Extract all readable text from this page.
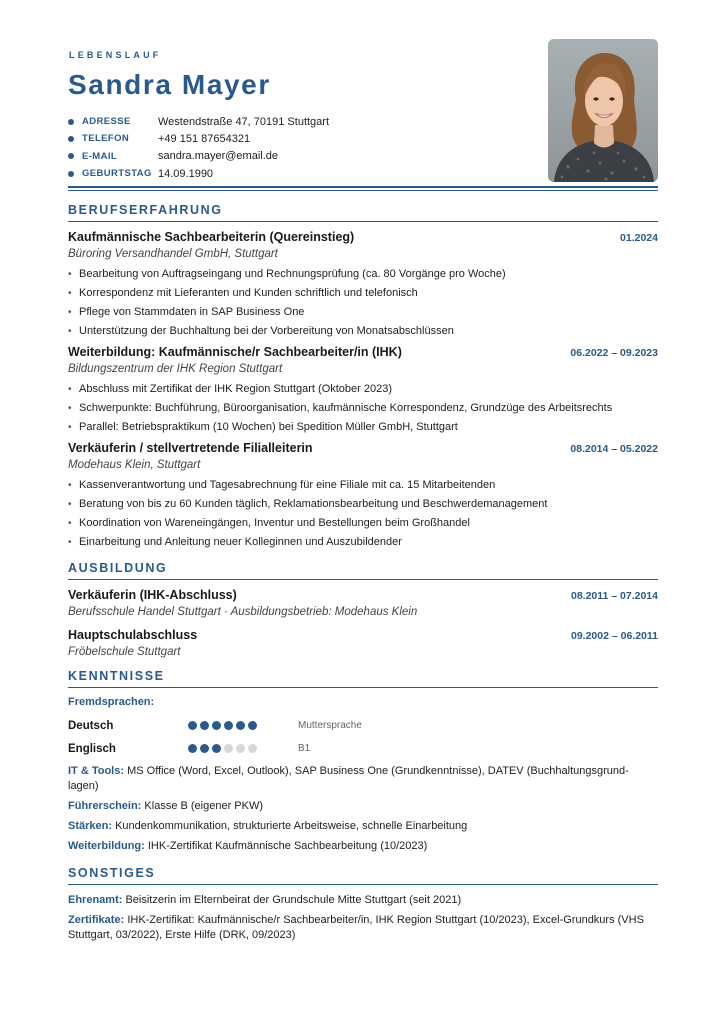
LEBENSLAUF
Sandra Mayer
ADRESSE	Westendstraße 47, 70191 Stuttgart
TELEFON	+49 151 87654321
E-MAIL	sandra.mayer@email.de
GEBURTSTAG 14.09.1990
BERUFSERFAHRUNG
Kaufmännische Sachbearbeiterin (Quereinstieg)	01.2024
Büroring Versandhandel GmbH, Stuttgart
• Bearbeitung von Auftragseingang und Rechnungsprüfung (ca. 80 Vorgänge pro Woche)
• Korrespondenz mit Lieferanten und Kunden schriftlich und telefonisch
• Pflege von Stammdaten in SAP Business One
• Unterstützung der Buchhaltung bei der Vorbereitung von Monatsabschlüssen
Weiterbildung: Kaufmännische/r Sachbearbeiter/in (IHK)	06.2022 – 09.2023
Bildungszentrum der IHK Region Stuttgart
• Abschluss mit Zertifikat der IHK Region Stuttgart (Oktober 2023)
• Schwerpunkte: Buchführung, Büroorganisation, kaufmännische Korrespondenz, Grundzüge des Arbeitsrechts
• Parallel: Betriebspraktikum (10 Wochen) bei Spedition Müller GmbH, Stuttgart
Verkäuferin / stellvertretende Filialleiterin	08.2014 – 05.2022
Modehaus Klein, Stuttgart
• Kassenverantwortung und Tagesabrechnung für eine Filiale mit ca. 15 Mitarbeitenden
• Beratung von bis zu 60 Kunden täglich, Reklamationsbearbeitung und Beschwerdemanagement
• Koordination von Wareneingängen, Inventur und Bestellungen beim Großhandel
• Einarbeitung und Anleitung neuer Kolleginnen und Auszubildender
AUSBILDUNG
Verkäuferin (IHK-Abschluss)	08.2011 – 07.2014
Berufsschule Handel Stuttgart · Ausbildungsbetrieb: Modehaus Klein
Hauptschulabschluss	09.2002 – 06.2011
Fröbelschule Stuttgart
KENNTNISSE
Fremdsprachen:
Deutsch	Muttersprache
Englisch	B1
IT & Tools: MS Office (Word, Excel, Outlook), SAP Business One (Grundkenntnisse), DATEV (Buchhaltungsgrund-lagen)
Führerschein: Klasse B (eigener PKW)
Stärken: Kundenkommunikation, strukturierte Arbeitsweise, schnelle Einarbeitung
Weiterbildung: IHK-Zertifikat Kaufmännische Sachbearbeitung (10/2023)
SONSTIGES
Ehrenamt: Beisitzerin im Elternbeirat der Grundschule Mitte Stuttgart (seit 2021)
Zertifikate: IHK-Zertifikat: Kaufmännische/r Sachbearbeiter/in, IHK Region Stuttgart (10/2023), Excel-Grundkurs (VHS Stuttgart, 03/2022), Erste Hilfe (DRK, 09/2023)
